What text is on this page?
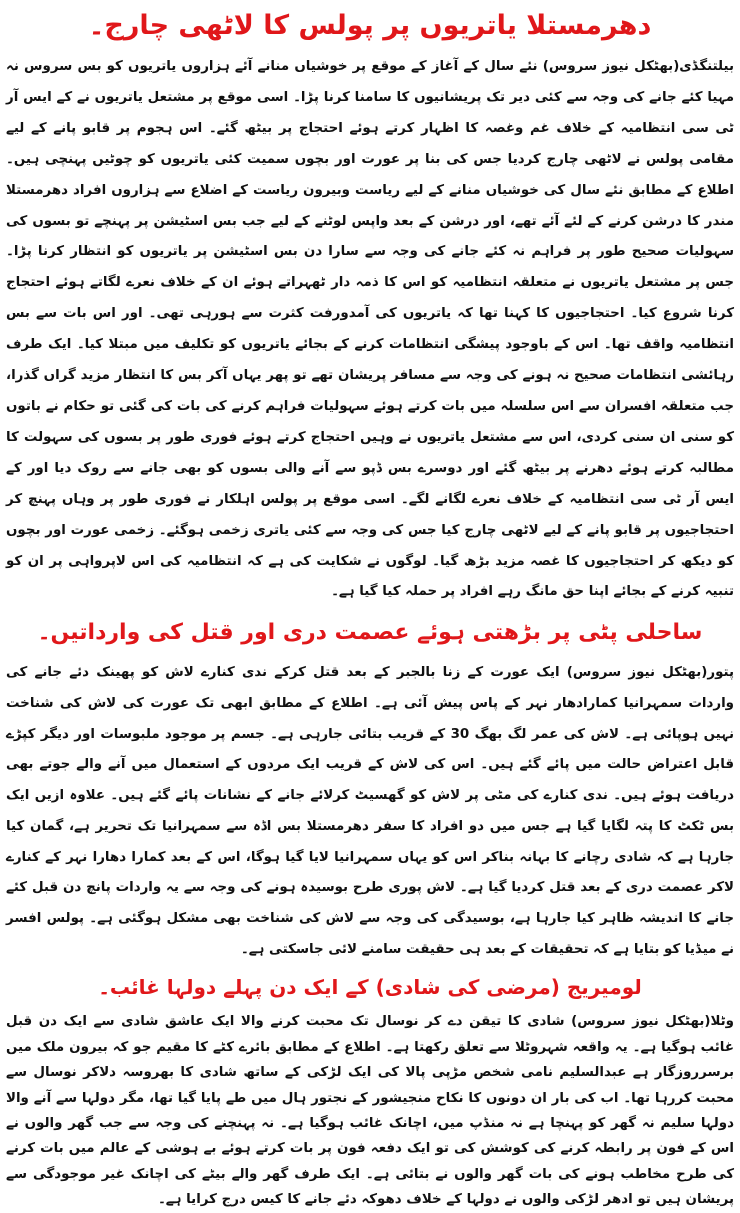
دھرمستلا یاتریوں پر پولس کا لاٹھی چارج۔

بیلتنگڈی(بھٹکل نیوز سروس) نئے سال کے آغاز کے موقع پر خوشیاں منانے آئے ہزاروں یاتریوں کو بس سروس نہ مہیا کئے جانے کی وجہ سے کئی دیر تک پریشانیوں کا سامنا کرنا پڑا۔ اسی موقع پر مشتعل یاتریوں نے کے ایس آر ٹی سی انتظامیہ کے خلاف غم وغصہ کا اظہار کرتے ہوئے احتجاج پر بیٹھ گئے۔ اس ہجوم پر قابو پانے کے لیے مقامی پولس نے لاٹھی چارج کردیا جس کی بنا پر عورت اور بچوں سمیت کئی یاتریوں کو چوٹیں پہنچی ہیں۔ اطلاع کے مطابق نئے سال کی خوشیاں منانے کے لیے ریاست وبیرون ریاست کے اضلاع سے ہزاروں افراد دھرمستلا مندر کا درشن کرنے کے لئے آئے تھے، اور درشن کے بعد واپس لوٹنے کے لیے جب بس اسٹیشن پر پہنچے تو بسوں کی سہولیات صحیح طور پر فراہم نہ کئے جانے کی وجہ سے سارا دن بس اسٹیشن پر یاتریوں کو انتظار کرنا پڑا۔ جس پر مشتعل یاتریوں نے متعلقہ انتظامیہ کو اس کا ذمہ دار ٹھہراتے ہوئے ان کے خلاف نعرے لگاتے ہوئے احتجاج کرنا شروع کیا۔ احتجاجیوں کا کہنا تھا کہ یاتریوں کی آمدورفت کثرت سے ہورہی تھی۔ اور اس بات سے بس انتظامیہ واقف تھا۔ اس کے باوجود پیشگی انتظامات کرنے کے بجائے یاتریوں کو تکلیف میں مبتلا کیا۔ ایک طرف رہائشی انتظامات صحیح نہ ہونے کی وجہ سے مسافر پریشان تھے تو پھر یہاں آکر بس کا انتظار مزید گراں گذرا، جب متعلقہ افسران سے اس سلسلہ میں بات کرتے ہوئے سہولیات فراہم کرنے کی بات کی گئی تو حکام نے باتوں کو سنی ان سنی کردی، اس سے مشتعل یاتریوں نے وہیں احتجاج کرتے ہوئے فوری طور پر بسوں کی سہولت کا مطالبہ کرتے ہوئے دھرنے پر بیٹھ گئے اور دوسرے بس ڈپو سے آنے والی بسوں کو بھی جانے سے روک دیا اور کے ایس آر ٹی سی انتظامیہ کے خلاف نعرے لگانے لگے۔ اسی موقع پر پولس اہلکار نے فوری طور پر وہاں پہنچ کر احتجاجیوں پر قابو پانے کے لیے لاٹھی چارج کیا جس کی وجہ سے کئی یاتری زخمی ہوگئے۔ زخمی عورت اور بچوں کو دیکھ کر احتجاجیوں کا غصہ مزید بڑھ گیا۔ لوگوں نے شکایت کی ہے کہ انتظامیہ کی اس لاپرواہی پر ان کو تنبیہ کرنے کے بجائے اپنا حق مانگ رہے افراد پر حملہ کیا گیا ہے۔

ساحلی پٹی پر بڑھتی ہوئے عصمت دری اور قتل کی وارداتیں۔

پتور(بھٹکل نیوز سروس) ایک عورت کے زنا بالجبر کے بعد قتل کرکے ندی کنارے لاش کو پھینک دئے جانے کی واردات سمہرانیا کمارادھار نہر کے پاس پیش آئی ہے۔ اطلاع کے مطابق ابھی تک عورت کی لاش کی شناخت نہیں ہوپائی ہے۔ لاش کی عمر لگ بھگ 30 کے قریب بتائی جارہی ہے۔ جسم پر موجود ملبوسات اور دیگر کپڑے قابل اعتراض حالت میں پائے گئے ہیں۔ اس کی لاش کے قریب ایک مردوں کے استعمال میں آنے والے جوتے بھی دریافت ہوئے ہیں۔ ندی کنارے کی مٹی پر لاش کو گھسیٹ کرلائے جانے کے نشانات پائے گئے ہیں۔ علاوہ ازیں ایک بس ٹکٹ کا پتہ لگایا گیا ہے جس میں دو افراد کا سفر دھرمستلا بس اڈہ سے سمہرانیا تک تحریر ہے، گمان کیا جارہا ہے کہ شادی رچانے کا بہانہ بناکر اس کو یہاں سمہرانیا لایا گیا ہوگا، اس کے بعد کمارا دھارا نہر کے کنارے لاکر عصمت دری کے بعد قتل کردیا گیا ہے۔ لاش پوری طرح بوسیدہ ہونے کی وجہ سے یہ واردات پانچ دن قبل کئے جانے کا اندیشہ ظاہر کیا جارہا ہے، بوسیدگی کی وجہ سے لاش کی شناخت بھی مشکل ہوگئی ہے۔ پولس افسر نے میڈیا کو بتایا ہے کہ تحقیقات کے بعد ہی حقیقت سامنے لائی جاسکتی ہے۔

لومیریج (مرضی کی شادی) کے ایک دن پہلے دولہا غائب۔

وٹلا(بھٹکل نیوز سروس) شادی کا تیقن دے کر نوسال تک محبت کرنے والا ایک عاشق شادی سے ایک دن قبل غائب ہوگیا ہے۔ یہ واقعہ شہروٹلا سے تعلق رکھتا ہے۔ اطلاع کے مطابق بائرے کٹے کا مقیم جو کہ بیرون ملک میں برسرروزگار ہے عبدالسلیم نامی شخص مڑپی پالا کی ایک لڑکی کے ساتھ شادی کا بھروسہ دلاکر نوسال سے محبت کررہا تھا۔ اب کی بار ان دونوں کا نکاح منجیشور کے نجتور ہال میں طے پایا گیا تھا، مگر دولہا سے آنے والا دولہا سلیم نہ گھر کو پہنچا ہے نہ منڈپ میں، اچانک غائب ہوگیا ہے۔ نہ پہنچنے کی وجہ سے جب گھر والوں نے اس کے فون پر رابطہ کرنے کی کوشش کی تو ایک دفعہ فون پر بات کرتے ہوئے بے ہوشی کے عالم میں بات کرنے کی طرح مخاطب ہونے کی بات گھر والوں نے بتائی ہے۔ ایک طرف گھر والے بیٹے کی اچانک غیر موجودگی سے پریشان ہیں تو ادھر لڑکی والوں نے دولہا کے خلاف دھوکہ دئے جانے کا کیس درج کرایا ہے۔
